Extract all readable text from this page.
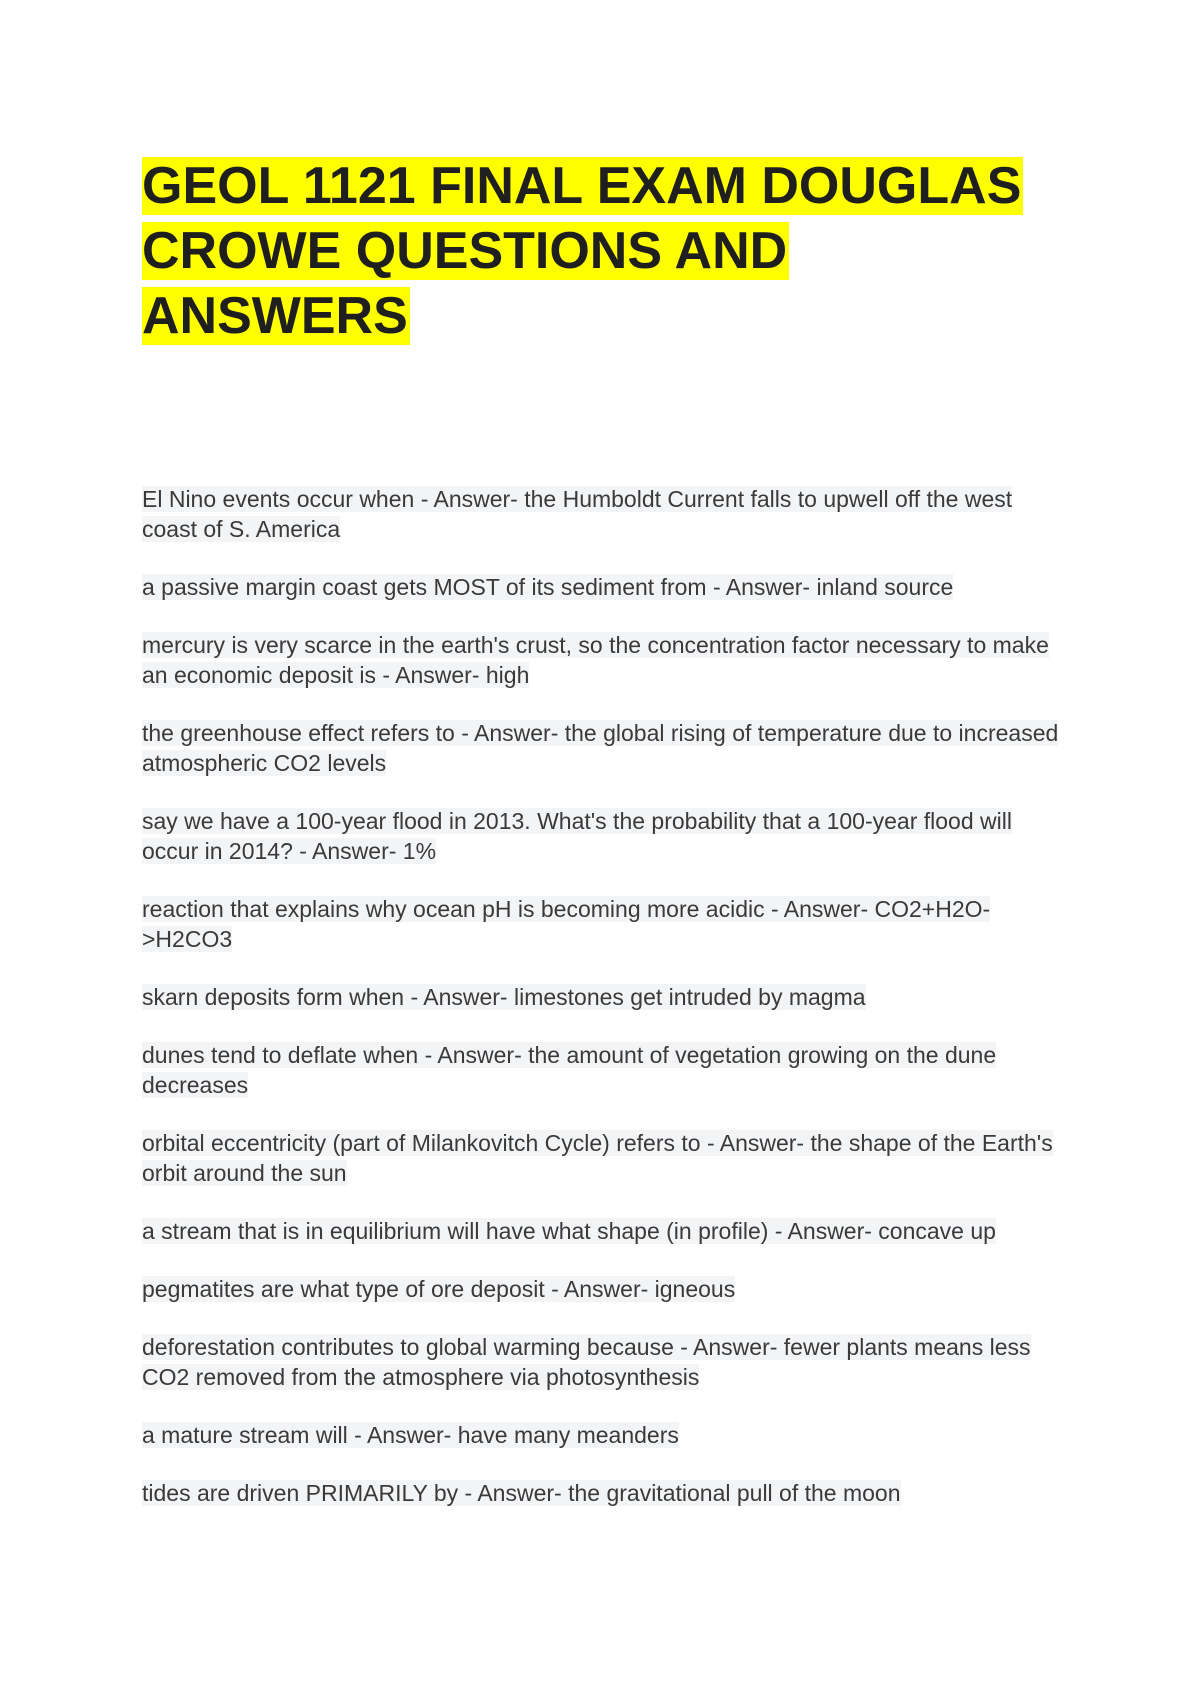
GEOL 1121 FINAL EXAM DOUGLAS
CROWE QUESTIONS AND
ANSWERS
El Nino events occur when - Answer- the Humboldt Current falls to upwell off the west coast of S. America
a passive margin coast gets MOST of its sediment from - Answer- inland source
mercury is very scarce in the earth's crust, so the concentration factor necessary to make an economic deposit is - Answer- high
the greenhouse effect refers to - Answer- the global rising of temperature due to increased atmospheric CO2 levels
say we have a 100-year flood in 2013. What's the probability that a 100-year flood will occur in 2014? - Answer- 1%
reaction that explains why ocean pH is becoming more acidic - Answer- CO2+H2O->H2CO3
skarn deposits form when - Answer- limestones get intruded by magma
dunes tend to deflate when - Answer- the amount of vegetation growing on the dune decreases
orbital eccentricity (part of Milankovitch Cycle) refers to - Answer- the shape of the Earth's orbit around the sun
a stream that is in equilibrium will have what shape (in profile) - Answer- concave up
pegmatites are what type of ore deposit - Answer- igneous
deforestation contributes to global warming because - Answer- fewer plants means less CO2 removed from the atmosphere via photosynthesis
a mature stream will - Answer- have many meanders
tides are driven PRIMARILY by - Answer- the gravitational pull of the moon
